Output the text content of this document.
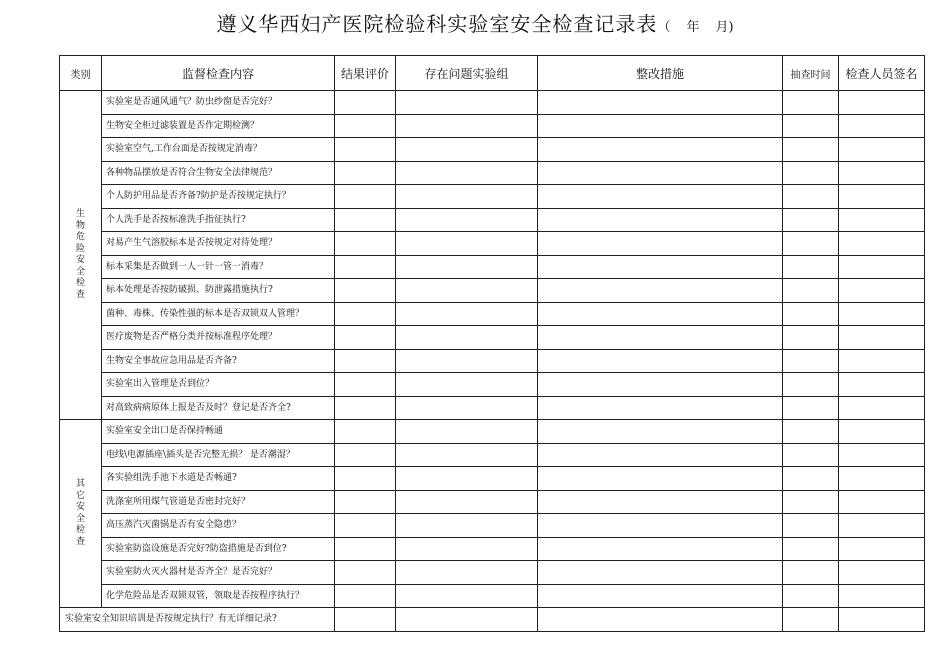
遵义华西妇产医院检验科实验室安全检查记录表（ 年 月)
类别	监督检查内容	结果评价	存在问题实验组	整改措施	抽查时间	检查人员签名
生物危险安全检查	实验室是否通风通气？防虫纱窗是否完好？					
	生物安全柜过滤装置是否作定期检测？					
	实验室空气,工作台面是否按规定消毒？					
	各种物品摆放是否符合生物安全法律规范？					
	个人防护用品是否齐备?防护是否按规定执行？					
	个人洗手是否按标准洗手指征执行?					
	对易产生气溶胶标本是否按规定对待处理？					
	标本采集是否做到一人一针一管一消毒？					
	标本处理是否按防破损、防泄露措施执行?					
	菌种、毒株、传染性强的标本是否双锁双人管理？					
	医疗废物是否严格分类并按标准程序处理？					
	生物安全事故应急用品是否齐备?					
	实验室出入管理是否到位？					
	对高致病病原体上报是否及时？登记是否齐全?					
其它安全检查	实验室安全出口是否保持畅通					
	电线\电源插座\插头是否完整无损？ 是否潮湿？					
	各实验组洗手池下水道是否畅通?					
	洗涤室所用煤气管道是否密封完好？					
	高压蒸汽灭菌锅是否有安全隐患？					
	实验室防盗设施是否完好?防盗措施是否到位?					
	实验室防火灭火器材是否齐全？是否完好？					
	化学危险品是否双锁双管，领取是否按程序执行？					
实验室安全知识培训是否按规定执行？有无详细记录?						
